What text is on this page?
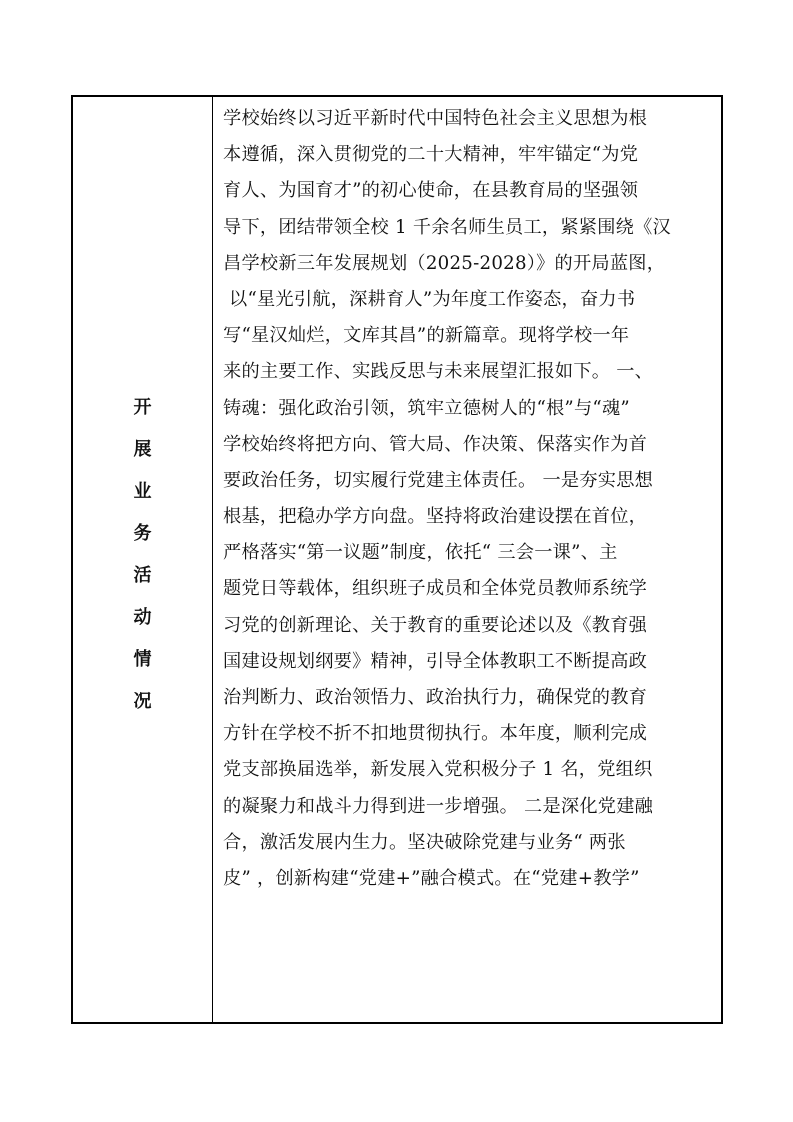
开
展
业
务
活
动
情
况
学校始终以习近平新时代中国特色社会主义思想为根
本遵循，深入贯彻党的二十大精神，牢牢锚定“为党
育人、为国育才”的初心使命，在县教育局的坚强领
导下，团结带领全校 1 千余名师生员工，紧紧围绕《汉
昌学校新三年发展规划（2025-2028）》的开局蓝图，
以“星光引航，深耕育人”为年度工作姿态，奋力书
写“星汉灿烂，文库其昌”的新篇章。现将学校一年
来的主要工作、实践反思与未来展望汇报如下。 一、
铸魂：强化政治引领，筑牢立德树人的“根”与“魂”
学校始终将把方向、管大局、作决策、保落实作为首
要政治任务，切实履行党建主体责任。 一是夯实思想
根基，把稳办学方向盘。坚持将政治建设摆在首位，
严格落实“第一议题”制度，依托“ 三会一课”、主
题党日等载体，组织班子成员和全体党员教师系统学
习党的创新理论、关于教育的重要论述以及《教育强
国建设规划纲要》精神，引导全体教职工不断提高政
治判断力、政治领悟力、政治执行力，确保党的教育
方针在学校不折不扣地贯彻执行。本年度，顺利完成
党支部换届选举，新发展入党积极分子 1 名，党组织
的凝聚力和战斗力得到进一步增强。 二是深化党建融
合，激活发展内生力。坚决破除党建与业务“ 两张
皮” ，创新构建“党建+”融合模式。在“党建+教学”
